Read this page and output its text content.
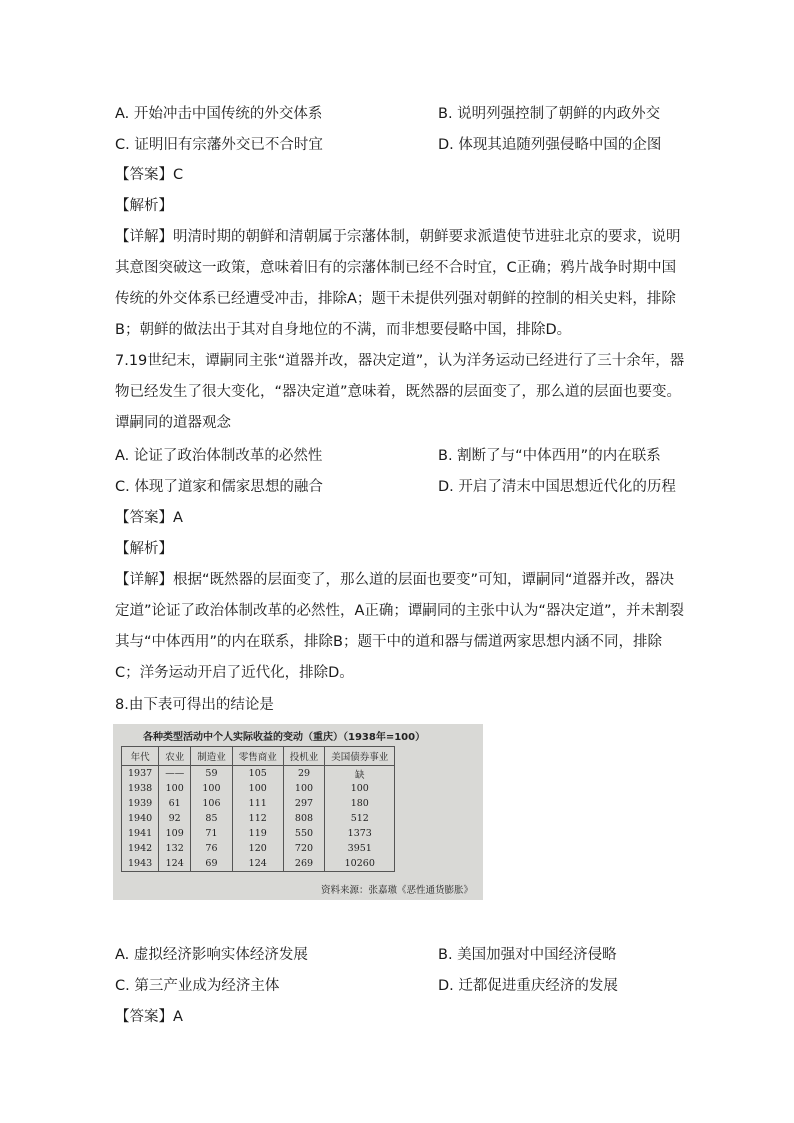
A. 开始冲击中国传统的外交体系	B. 说明列强控制了朝鲜的内政外交
C. 证明旧有宗藩外交已不合时宜	D. 体现其追随列强侵略中国的企图
【答案】C
【解析】
【详解】明清时期的朝鲜和清朝属于宗藩体制，朝鲜要求派遣使节进驻北京的要求，说明其意图突破这一政策，意味着旧有的宗藩体制已经不合时宜，C正确；鸦片战争时期中国传统的外交体系已经遭受冲击，排除A；题干未提供列强对朝鲜的控制的相关史料，排除B；朝鲜的做法出于其对自身地位的不满，而非想要侵略中国，排除D。
7.19世纪末，谭嗣同主张“道器并改，器决定道”，认为洋务运动已经进行了三十余年，器物已经发生了很大变化，“器决定道”意味着，既然器的层面变了，那么道的层面也要变。谭嗣同的道器观念
A. 论证了政治体制改革的必然性	B. 割断了与“中体西用”的内在联系
C. 体现了道家和儒家思想的融合	D. 开启了清末中国思想近代化的历程
【答案】A
【解析】
【详解】根据“既然器的层面变了，那么道的层面也要变”可知，谭嗣同“道器并改，器决定道”论证了政治体制改革的必然性，A正确；谭嗣同的主张中认为“器决定道”，并未割裂其与“中体西用”的内在联系，排除B；题干中的道和器与儒道两家思想内涵不同，排除C；洋务运动开启了近代化，排除D。
8.由下表可得出的结论是
各种类型活动中个人实际收益的变动（重庆）（1938年=100）
年代	农业	制造业	零售商业	投机业	美国债券事业
1937	——	59	105	29	缺
1938	100	100	100	100	100
1939	61	106	111	297	180
1940	92	85	112	808	512
1941	109	71	119	550	1373
1942	132	76	120	720	3951
1943	124	69	124	269	10260
资料来源：张嘉璈《恶性通货膨胀》
A. 虚拟经济影响实体经济发展	B. 美国加强对中国经济侵略
C. 第三产业成为经济主体	D. 迁都促进重庆经济的发展
【答案】A
